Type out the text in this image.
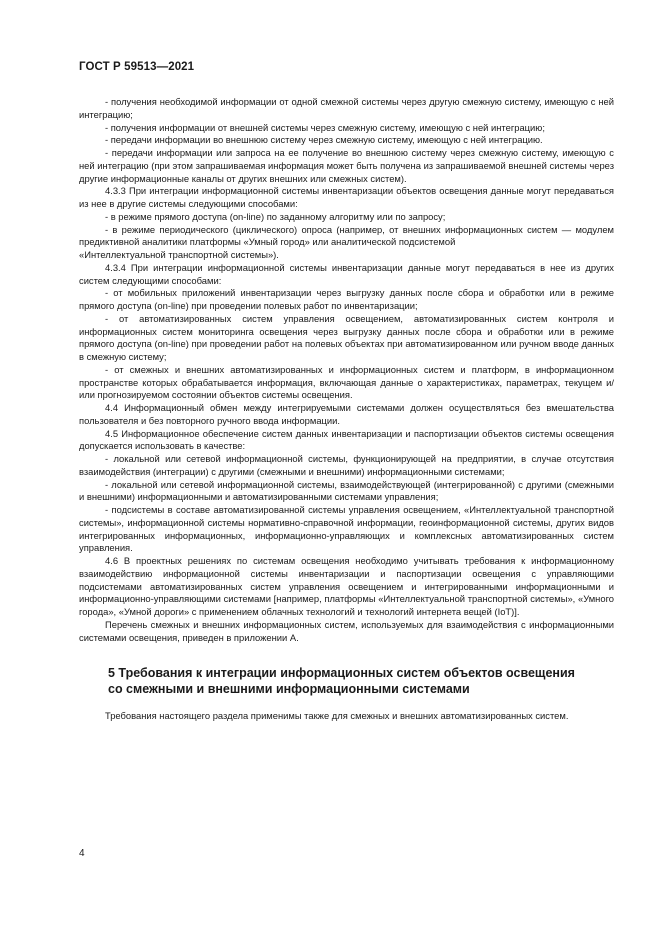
ГОСТ Р 59513—2021

- получения необходимой информации от одной смежной системы через другую смежную систему, имеющую с ней интеграцию;

- получения информации от внешней системы через смежную систему, имеющую с ней интеграцию;

- передачи информации во внешнюю систему через смежную систему, имеющую с ней интеграцию.

- передачи информации или запроса на ее получение во внешнюю систему через смежную систему, имеющую с ней интеграцию (при этом запрашиваемая информация может быть получена из запрашиваемой внешней системы через другие информационные каналы от других внешних или смежных систем).

4.3.3 При интеграции информационной системы инвентаризации объектов освещения данные могут передаваться из нее в другие системы следующими способами:

- в режиме прямого доступа (on-line) по заданному алгоритму или по запросу;

- в режиме периодического (циклического) опроса (например, от внешних информационных систем — модулем предиктивной аналитики платформы «Умный город» или аналитической подсистемой

«Интеллектуальной транспортной системы»).

4.3.4 При интеграции информационной системы инвентаризации данные могут передаваться в нее из других систем следующими способами:

- от мобильных приложений инвентаризации через выгрузку данных после сбора и обработки или в режиме прямого доступа (on-line) при проведении полевых работ по инвентаризации;

- от автоматизированных систем управления освещением, автоматизированных систем контроля и информационных систем мониторинга освещения через выгрузку данных после сбора и обработки или в режиме прямого доступа (on-line) при проведении работ на полевых объектах при автоматизированном или ручном вводе данных в смежную систему;

- от смежных и внешних автоматизированных и информационных систем и платформ, в информационном пространстве которых обрабатывается информация, включающая данные о характеристиках, параметрах, текущем и/или прогнозируемом состоянии объектов системы освещения.

4.4 Информационный обмен между интегрируемыми системами должен осуществляться без вмешательства пользователя и без повторного ручного ввода информации.

4.5 Информационное обеспечение систем данных инвентаризации и паспортизации объектов системы освещения допускается использовать в качестве:

- локальной или сетевой информационной системы, функционирующей на предприятии, в случае отсутствия взаимодействия (интеграции) с другими (смежными и внешними) информационными системами;

- локальной или сетевой информационной системы, взаимодействующей (интегрированной) с другими (смежными и внешними) информационными и автоматизированными системами управления;

- подсистемы в составе автоматизированной системы управления освещением, «Интеллектуальной транспортной системы», информационной системы нормативно-справочной информации, геоинформационной системы, других видов интегрированных информационных, информационно-управляющих и комплексных автоматизированных систем управления.

4.6 В проектных решениях по системам освещения необходимо учитывать требования к информационному взаимодействию информационной системы инвентаризации и паспортизации освещения с управляющими подсистемами автоматизированных систем управления освещением и интегрированными информационными и информационно-управляющими системами [например, платформы «Интеллектуальной транспортной системы», «Умного города», «Умной дороги» с применением облачных технологий и технологий интернета вещей (IoT)].

Перечень смежных и внешних информационных систем, используемых для взаимодействия с информационными системами освещения, приведен в приложении А.

5 Требования к интеграции информационных систем объектов освещения
со смежными и внешними информационными системами

Требования настоящего раздела применимы также для смежных и внешних автоматизированных систем.

4
